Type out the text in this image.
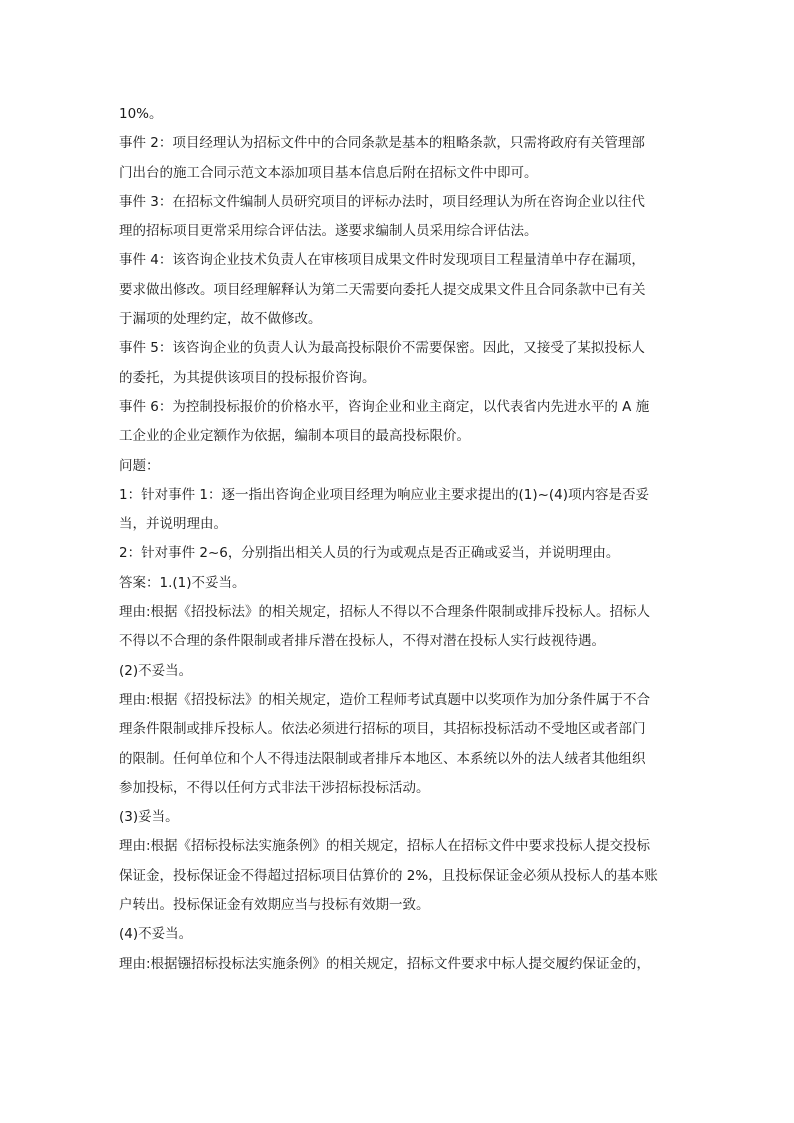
10%。
事件 2：项目经理认为招标文件中的合同条款是基本的粗略条款，只需将政府有关管理部
门出台的施工合同示范文本添加项目基本信息后附在招标文件中即可。
事件 3：在招标文件编制人员研究项目的评标办法时，项目经理认为所在咨询企业以往代
理的招标项目更常采用综合评估法。遂要求编制人员采用综合评估法。
事件 4：该咨询企业技术负责人在审核项目成果文件时发现项目工程量清单中存在漏项，
要求做出修改。项目经理解释认为第二天需要向委托人提交成果文件且合同条款中已有关
于漏项的处理约定，故不做修改。
事件 5：该咨询企业的负责人认为最高投标限价不需要保密。因此，又接受了某拟投标人
的委托，为其提供该项目的投标报价咨询。
事件 6：为控制投标报价的价格水平，咨询企业和业主商定，以代表省内先进水平的 A 施
工企业的企业定额作为依据，编制本项目的最高投标限价。
问题：
1：针对事件 1：逐一指出咨询企业项目经理为响应业主要求提出的(1)~(4)项内容是否妥
当，并说明理由。
2：针对事件 2~6，分别指出相关人员的行为或观点是否正确或妥当，并说明理由。
答案：1.(1)不妥当。
理由:根据《招投标法》的相关规定，招标人不得以不合理条件限制或排斥投标人。招标人
不得以不合理的条件限制或者排斥潜在投标人，不得对潜在投标人实行歧视待遇。
(2)不妥当。
理由:根据《招投标法》的相关规定，造价工程师考试真题中以奖项作为加分条件属于不合
理条件限制或排斥投标人。依法必须进行招标的项目，其招标投标活动不受地区或者部门
的限制。任何单位和个人不得违法限制或者排斥本地区、本系统以外的法人绒者其他组织
参加投标，不得以任何方式非法干涉招标投标活动。
(3)妥当。
理由:根据《招标投标法实施条例》的相关规定，招标人在招标文件中要求投标人提交投标
保证金，投标保证金不得超过招标项目估算价的 2%，且投标保证金必须从投标人的基本账
户转出。投标保证金有效期应当与投标有效期一致。
(4)不妥当。
理由:根据镪招标投标法实施条例》的相关规定，招标文件要求中标人提交履约保证金的，
